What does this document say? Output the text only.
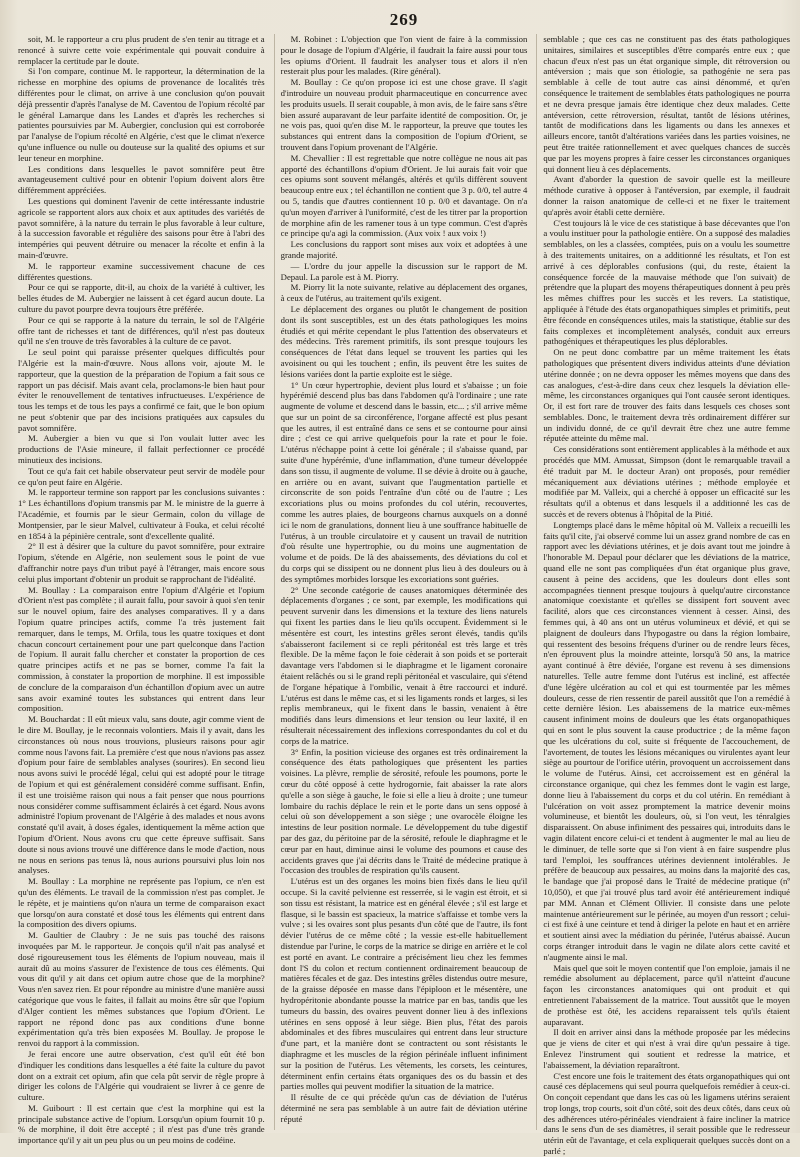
269

soit, M. le rapporteur a cru plus prudent de s'en tenir au titrage et a renoncé à suivre cette voie expérimentale qui pouvait conduire à remplacer la certitude par le doute.

Si l'on compare, continue M. le rapporteur, la détermination de la richesse en morphine des opiums de provenance de localités très différentes pour le climat, on arrive à une conclusion qu'on pouvait déjà pressentir d'après l'analyse de M. Caventou de l'opium récolté par le général Lamarque dans les Landes et d'après les recherches si patientes poursuivies par M. Aubergier, conclusion qui est corroborée par l'analyse de l'opium récolté en Algérie, c'est que le climat n'exerce qu'une influence ou nulle ou douteuse sur la qualité des opiums et sur leur teneur en morphine.

Les conditions dans lesquelles le pavot somnifère peut être avantageusement cultivé pour en obtenir l'opium doivent alors être différemment appréciées.

Les questions qui dominent l'avenir de cette intéressante industrie agricole se rapportent alors aux choix et aux aptitudes des variétés de pavot somnifère, à la nature du terrain le plus favorable à leur culture, à la succession favorable et régulière des saisons pour être à l'abri des intempéries qui peuvent détruire ou menacer la récolte et enfin à la main-d'œuvre.

M. le rapporteur examine successivement chacune de ces différentes questions.

Pour ce qui se rapporte, dit-il, au choix de la variété à cultiver, les belles études de M. Aubergier ne laissent à cet égard aucun doute. La culture du pavot pourpre devra toujours être préférée.

Pour ce qui se rapporte à la nature du terrain, le sol de l'Algérie offre tant de richesses et tant de différences, qu'il n'est pas douteux qu'il ne s'en trouve de très favorables à la culture de ce pavot.

Le seul point qui paraisse présenter quelques difficultés pour l'Algérie est la main-d'œuvre. Nous allons voir, ajoute M. le rapporteur, que la question de la préparation de l'opium a fait sous ce rapport un pas décisif. Mais avant cela, proclamons-le bien haut pour éviter le renouvellement de tentatives infructueuses. L'expérience de tous les temps et de tous les pays a confirmé ce fait, que le bon opium ne peut s'obtenir que par des incisions pratiquées aux capsules du pavot somnifère.

M. Aubergier a bien vu que si l'on voulait lutter avec les productions de l'Asie mineure, il fallait perfectionner ce procédé minutieux des incisions.

Tout ce qu'a fait cet habile observateur peut servir de modèle pour ce qu'on peut faire en Algérie.

M. le rapporteur termine son rapport par les conclusions suivantes : 1° Les échantillons d'opium transmis par M. le ministre de la guerre à l'Académie, et fournis par le sieur Germain, colon du village de Montpensier, par le sieur Malvel, cultivateur à Fouka, et celui récolté en 1854 à la pépinière centrale, sont d'excellente qualité.

2° Il est à désirer que la culture du pavot somnifère, pour extraire l'opium, s'étende en Algérie, non seulement sous le point de vue d'affranchir notre pays d'un tribut payé à l'étranger, mais encore sous celui plus important d'obtenir un produit se rapprochant de l'idéalité.

M. Boullay : La comparaison entre l'opium d'Algérie et l'opium d'Orient n'est pas complète ; il aurait fallu, pour savoir à quoi s'en tenir sur le nouvel opium, faire des analyses comparatives. Il y a dans l'opium quatre principes actifs, comme l'a très justement fait remarquer, dans le temps, M. Orfila, tous les quatre toxiques et dont chacun concourt certainement pour une part quelconque dans l'action de l'opium. Il aurait fallu chercher et constater la proportion de ces quatre principes actifs et ne pas se borner, comme l'a fait la commission, à constater la proportion de morphine. Il est impossible de conclure de la comparaison d'un échantillon d'opium avec un autre sans avoir examiné toutes les substances qui entrent dans leur composition.

M. Bouchardat : Il eût mieux valu, sans doute, agir comme vient de le dire M. Boullay, je le reconnais volontiers. Mais il y avait, dans les circonstances où nous nous trouvions, plusieurs raisons pour agir comme nous l'avons fait. La première c'est que nous n'avions pas assez d'opium pour faire de semblables analyses (sourires). En second lieu nous avons suivi le procédé légal, celui qui est adopté pour le titrage de l'opium et qui est généralement considéré comme suffisant. Enfin, il est une troisième raison qui nous a fait penser que nous pourrions nous considérer comme suffisamment éclairés à cet égard. Nous avons administré l'opium provenant de l'Algérie à des malades et nous avons constaté qu'il avait, à doses égales, identiquement la même action que l'opium d'Orient. Nous avons cru que cette épreuve suffisait. Sans doute si nous avions trouvé une différence dans le mode d'action, nous ne nous en serions pas tenus là, nous aurions poursuivi plus loin nos analyses.

M. Boullay : La morphine ne représente pas l'opium, ce n'en est qu'un des éléments. Le travail de la commission n'est pas complet. Je le répète, et je maintiens qu'on n'aura un terme de comparaison exact que lorsqu'on aura constaté et dosé tous les éléments qui entrent dans la composition des divers opiums.

M. Gaultier de Claubry : Je ne suis pas touché des raisons invoquées par M. le rapporteur. Je conçois qu'il n'ait pas analysé et dosé rigoureusement tous les éléments de l'opium nouveau, mais il aurait dû au moins s'assurer de l'existence de tous ces éléments. Qui vous dit qu'il y ait dans cet opium autre chose que de la morphine? Vous n'en savez rien. Et pour répondre au ministre d'une manière aussi catégorique que vous le faites, il fallait au moins être sûr que l'opium d'Alger contient les mêmes substances que l'opium d'Orient. Le rapport ne répond donc pas aux conditions d'une bonne expérimentation qu'a très bien exposées M. Boullay. Je propose le renvoi du rapport à la commission.

Je ferai encore une autre observation, c'est qu'il eût été bon d'indiquer les conditions dans lesquelles a été faite la culture du pavot dont on a extrait cet opium, afin que cela pût servir de règle propre à diriger les colons de l'Algérie qui voudraient se livrer à ce genre de culture.

M. Guibourt : Il est certain que c'est la morphine qui est la principale substance active de l'opium. Lorsqu'un opium fournit 10 p. % de morphine, il doit être accepté ; il n'est pas d'une très grande importance qu'il y ait un peu plus ou un peu moins de codéine.

M. Robinet : L'objection que l'on vient de faire à la commission pour le dosage de l'opium d'Algérie, il faudrait la faire aussi pour tous les opiums d'Orient. Il faudrait les analyser tous et alors il n'en resterait plus pour les malades. (Rire général).

M. Boullay : Ce qu'on propose ici est une chose grave. Il s'agit d'introduire un nouveau produit pharmaceutique en concurrence avec les produits usuels. Il serait coupable, à mon avis, de le faire sans s'être bien assuré auparavant de leur parfaite identité de composition. Or, je ne vois pas, quoi qu'en dise M. le rapporteur, la preuve que toutes les substances qui entrent dans la composition de l'opium d'Orient, se trouvent dans l'opium provenant de l'Algérie.

M. Chevallier : Il est regrettable que notre collègue ne nous ait pas apporté des échantillons d'opium d'Orient. Je lui aurais fait voir que ces opiums sont souvent mélangés, altérés et qu'ils diffèrent souvent beaucoup entre eux ; tel échantillon ne contient que 3 p. 0/0, tel autre 4 ou 5, tandis que d'autres contiennent 10 p. 0/0 et davantage. On n'a qu'un moyen d'arriver à l'uniformité, c'est de les titrer par la proportion de morphine afin de les ramener tous à un type commun. C'est d'après ce principe qu'a agi la commission. (Aux voix ! aux voix !)

Les conclusions du rapport sont mises aux voix et adoptées à une grande majorité.

— L'ordre du jour appelle la discussion sur le rapport de M. Depaul. La parole est à M. Piorry.

M. Piorry lit la note suivante, relative au déplacement des organes, à ceux de l'utérus, au traitement qu'ils exigent.

Le déplacement des organes ou plutôt le changement de position dont ils sont susceptibles, est un des états pathologiques les moins étudiés et qui mérite cependant le plus l'attention des observateurs et des médecins. Très rarement primitifs, ils sont presque toujours les conséquences de l'état dans lequel se trouvent les parties qui les avoisinent ou qui les touchent ; enfin, ils peuvent être les suites de lésions variées dont la partie exploite est le siège.

1° Un cœur hypertrophie, devient plus lourd et s'abaisse ; un foie hypérémié descend plus bas dans l'abdomen qu'à l'ordinaire ; une rate augmente de volume et descend dans le bassin, etc... ; s'il arrive même que sur un point de sa circonférence, l'organe affecté est plus pesant que les autres, il est entraîné dans ce sens et se contourne pour ainsi dire ; c'est ce qui arrive quelquefois pour la rate et pour le foie. L'utérus n'échappe point à cette loi générale ; il s'abaisse quand, par suite d'une hypérémie, d'une inflammation, d'une tumeur développée dans son tissu, il augmente de volume. Il se dévie à droite ou à gauche, en arrière ou en avant, suivant que l'augmentation partielle et circonscrite de son poids l'entraîne d'un côté ou de l'autre ; Les excoriations plus ou moins profondes du col utérin, recouvertes, comme les autres plaies, de bourgeons charnus auxquels on a donné ici le nom de granulations, donnent lieu à une souffrance habituelle de l'utérus, à un trouble circulatoire et y causent un travail de nutrition d'où résulte une hypertrophie, ou du moins une augmentation de volume et de poids. De là des abaissements, des déviations du col et du corps qui se dissipent ou ne donnent plus lieu à des douleurs ou à des symptômes morbides lorsque les excoriations sont guéries.

2° Une seconde catégorie de causes anatomiques déterminée des déplacements d'organes ; ce sont, par exemple, les modifications qui peuvent survenir dans les dimensions et la texture des liens naturels qui fixent les parties dans le lieu qu'ils occupent. Évidemment si le mésentère est court, les intestins grêles seront élevés, tandis qu'ils s'abaisseront facilement si ce repli péritonéal est très large et très flexible. De la même façon le foie cèderait à son poids et se porterait davantage vers l'abdomen si le diaphragme et le ligament coronaire étaient relâchés ou si le grand repli péritonéal et vasculaire, qui s'étend de l'organe hépatique à l'ombilic, venait à être raccourci et induré. L'utérus est dans le même cas, et si les ligaments ronds et larges, si les replis membraneux, qui le fixent dans le bassin, venaient à être modifiés dans leurs dimensions et leur tension ou leur laxité, il en résulterait nécessairement des inflexions correspondantes du col et du corps de la matrice.

3° Enfin, la position vicieuse des organes est très ordinairement la conséquence des états pathologiques que présentent les parties voisines. La plèvre, remplie de sérosité, refoule les poumons, porte le cœur du côté opposé à cette hydrogornie, fait abaisser la rate alors qu'elle a son siège à gauche, le foie si elle a lieu à droite ; une tumeur lombaire du rachis déplace le rein et le porte dans un sens opposé à celui où son développement a son siège ; une ovarocèle éloigne les intestins de leur position normale. Le développement du tube digestif par des gaz, du péritoine par de la sérosité, refoule le diaphragme et le cœur par en haut, diminue ainsi le volume des poumons et cause des accidents graves que j'ai décrits dans le Traité de médecine pratique à l'occasion des troubles de respiration qu'ils causent.

L'utérus est un des organes les moins bien fixés dans le lieu qu'il occupe. Si la cavité pelvienne est resserrée, si le vagin est étroit, et si son tissu est résistant, la matrice est en général élevée ; s'il est large et flasque, si le bassin est spacieux, la matrice s'affaisse et tombe vers la vulve ; si les ovaires sont plus pesants d'un côté que de l'autre, ils font dévier l'utérus de ce même côté ; la vessie est-elle habituellement distendue par l'urine, le corps de la matrice se dirige en arrière et le col est porté en avant. Le contraire a précisément lieu chez les femmes dont l'S du colon et rectum contiennent ordinairement beaucoup de matières fécales et de gaz. Des intestins grêles distendus outre mesure, de la graisse déposée en masse dans l'épiploon et le mésentère, une hydropéritonie abondante pousse la matrice par en bas, tandis que les tumeurs du bassin, des ovaires peuvent donner lieu à des inflexions utérines en sens opposé à leur siège. Bien plus, l'état des parois abdominales et des fibres musculaires qui entrent dans leur structure d'une part, et la manière dont se contractent ou sont résistants le diaphragme et les muscles de la région périnéale influent infiniment sur la position de l'utérus. Les vêtements, les corsets, les ceintures, déterminent enfin certains états organiques des os du bassin et des parties molles qui peuvent modifier la situation de la matrice.

Il résulte de ce qui précède qu'un cas de déviation de l'utérus déterminé ne sera pas semblable à un autre fait de déviation utérine réputé

semblable ; que ces cas ne constituent pas des états pathologiques unitaires, similaires et susceptibles d'être comparés entre eux ; que chacun d'eux n'est pas un état organique simple, dit rétroversion ou antéversion ; mais que son étiologie, sa pathogénie ne sera pas semblable à celle de tout autre cas ainsi dénommé, et qu'en conséquence le traitement de semblables états pathologiques ne pourra et ne devra presque jamais être identique chez deux malades. Cette antéversion, cette rétroversion, résultat, tantôt de lésions utérines, tantôt de modifications dans les ligaments ou dans les annexes et ailleurs encore, tantôt d'altérations variées dans les parties voisines, ne peut être traitée rationnellement et avec quelques chances de succès que par les moyens propres à faire cesser les circonstances organiques qui donnent lieu à ces déplacements.

Avant d'aborder la question de savoir quelle est la meilleure méthode curative à opposer à l'antéversion, par exemple, il faudrait donner la raison anatomique de celle-ci et ne fixer le traitement qu'après avoir établi cette dernière.

C'est toujours là le vice de ces statistique à base décevantes que l'on a voulu instituer pour la pathologie entière. On a supposé des maladies semblables, on les a classées, comptées, puis on a voulu les soumettre à des traitements unitaires, on a additionné les résultats, et l'on est arrivé à ces déplorables confusions (qui, du reste, étaient la conséquence forcée de la mauvaise méthode que l'on suivait) de prétendre que la plupart des moyens thérapeutiques donnent à peu près les mêmes chiffres pour les succès et les revers. La statistique, appliquée à l'étude des états organopathiques simples et primitifs, peut être féconde en conséquences utiles, mais la statistique, établie sur des faits complexes et incomplètement analysés, conduit aux erreurs pathogéniques et thérapeutiques les plus déplorables.

On ne peut donc combattre par un même traitement les états pathologiques que présentent divers individus atteints d'une déviation utérine donnée ; on ne devra opposer les mêmes moyens que dans des cas analogues, c'est-à-dire dans ceux chez lesquels la déviation elle-même, les circonstances organiques qui l'ont causée seront identiques. Or, il est fort rare de trouver des faits dans lesquels ces choses sont semblables. Donc, le traitement devra très ordinairement différer sur un individu donné, de ce qu'il devrait être chez une autre femme réputée atteinte du même mal.

Ces considérations sont entièrement applicables à la méthode et aux procédés que MM. Amussat, Simpson (dont le remarquable travail a été traduit par M. le docteur Aran) ont proposés, pour remédier mécaniquement aux déviations utérines ; méthode employée et modifiée par M. Valleix, qui a cherché à opposer un efficacité sur les résultats qu'il a obtenus et dans lesquels il a additionné les cas de succès et de revers obtenus à l'hôpital de la Pitié.

Longtemps placé dans le même hôpital où M. Valleix a recueilli les faits qu'il cite, j'ai observé comme lui un assez grand nombre de cas en rapport avec les déviations utérines, et je dois avant tout me joindre à l'honorable M. Depaul pour déclarer que les déviations de la matrice, quand elle ne sont pas compliquées d'un état organique plus grave, causent à peine des accidens, que les douleurs dont elles sont accompagnées tiennent presque toujours à quelqu'autre circonstance anatomique coexistante et qu'elles se dissipent fort souvent avec facilité, alors que ces circonstances viennent à cesser. Ainsi, des femmes qui, à 40 ans ont un utérus volumineux et dévié, et qui se plaignent de douleurs dans l'hypogastre ou dans la région lombaire, qui ressentent des besoins fréquens d'uriner ou de rendre leurs fèces, n'en éprouvent plus la moindre atteinte, lorsqu'à 50 ans, la matrice ayant continué à être déviée, l'organe est revenu à ses dimensions naturelles. Telle autre femme dont l'utérus est incliné, est affectée d'une légère ulcération au col et qui est tourmentée par les mêmes douleurs, cesse de rien ressentir de pareil aussitôt que l'on a remédié à cette dernière lésion. Les abaissemens de la matrice eux-mêmes causent infiniment moins de douleurs que les états organopathiques qui en sont le plus souvent la cause productrice ; de la même façon que les ulcérations du col, suite si fréquente de l'accouchement, de l'avortement, de toutes les lésions mécaniques ou virulentes ayant leur siège au pourtour de l'orifice utérin, provoquent un accroissement dans le volume de l'utérus. Ainsi, cet accroissement est en général la circonstance organique, qui chez les femmes dont le vagin est large, donne lieu à l'abaissement du corps et du col utérin. En remédiant à l'ulcération on voit assez promptement la matrice devenir moins volumineuse, et bientôt les douleurs, où, si l'on veut, les ténralgies disparaissent. On abuse infiniment des pessaires qui, introduits dans le vagin dilatent encore celui-ci et tendent à augmenter le mal au lieu de le diminuer, de telle sorte que si l'on vient à en faire suspendre plus tard l'emploi, les souffrances utérines deviennent intolérables. Je préfère de beaucoup aux pessaires, au moins dans la majorité des cas, le bandage que j'ai proposé dans le Traité de médecine pratique (nº 10,050), et que j'ai trouvé plus tard avoir été antérieurement indiqué par MM. Annan et Clément Ollivier. Il consiste dans une pelote maintenue antérieurement sur le périnée, au moyen d'un ressort ; celui-ci est fixé à une ceinture et tend à diriger la pelote en haut et en arrière et soutient ainsi avec la médiation du périnée, l'utérus abaissé. Aucun corps étranger introduit dans le vagin ne dilate alors cette cavité et n'augmente ainsi le mal.

Mais quel que soit le moyen contentif que l'on emploie, jamais il ne remédie absolument au déplacement, parce qu'il n'atteint d'aucune façon les circonstances anatomiques qui ont produit et qui entretiennent l'abaissement de la matrice. Tout aussitôt que le moyen de prothèse est ôté, les accidens reparaissent tels qu'ils étaient auparavant.

Il doit en arriver ainsi dans la méthode proposée par les médecins que je viens de citer et qui n'est à vrai dire qu'un pessaire à tige. Enlevez l'instrument qui soutient et redresse la matrice, et l'abaissement, la déviation reparaîtront.

C'est encore une fois le traitement des états organopathiques qui ont causé ces déplacemens qui seul pourra quelquefois remédier à ceux-ci. On conçoit cependant que dans les cas où les ligamens utérins seraient trop longs, trop courts, soit d'un côté, soit des deux côtés, dans ceux où des adhérences utéro-périnéales viendraient à faire incliner la matrice dans le sens d'un de ses diamètres, il serait possible que le redresseur utérin eût de l'avantage, et cela expliquerait quelques succès dont on a parlé ;
